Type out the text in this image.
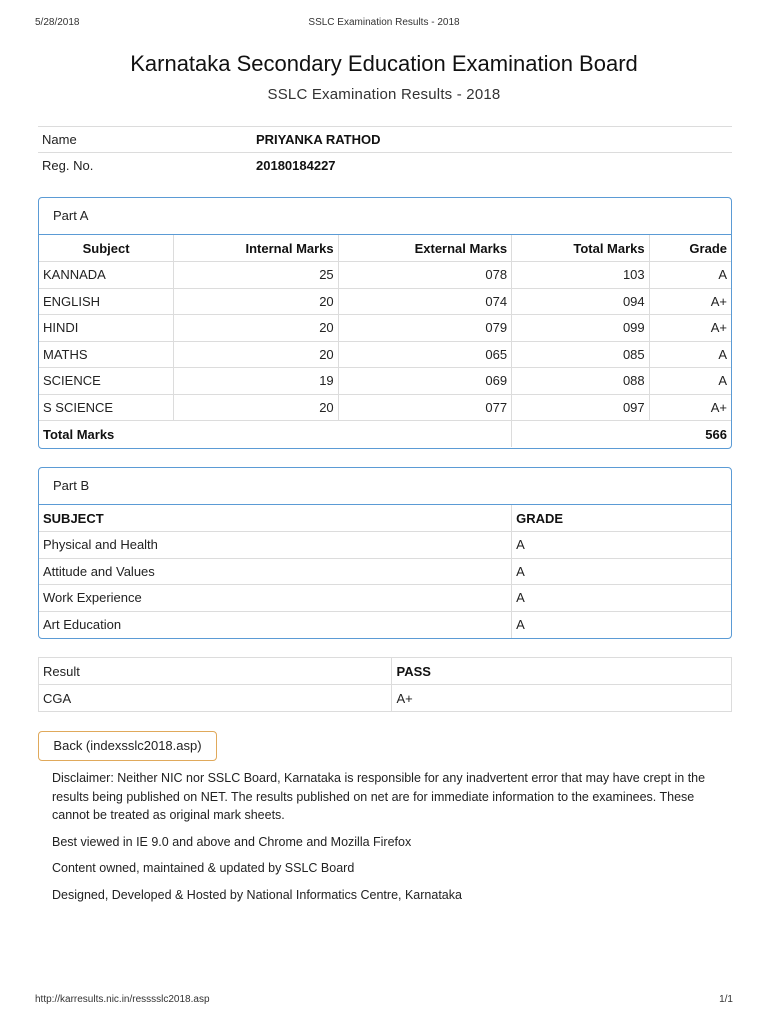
5/28/2018	SSLC Examination Results - 2018
Karnataka Secondary Education Examination Board
SSLC Examination Results - 2018
Name	PRIYANKA RATHOD
Reg. No.	20180184227
Part A
Subject	Internal Marks	External Marks	Total Marks	Grade
KANNADA	25	078	103	A
ENGLISH	20	074	094	A+
HINDI	20	079	099	A+
MATHS	20	065	085	A
SCIENCE	19	069	088	A
S SCIENCE	20	077	097	A+
Total Marks			566	
Part B
SUBJECT	GRADE
Physical and Health	A
Attitude and Values	A
Work Experience	A
Art Education	A
Result	PASS
CGA	A+
Back (indexsslc2018.asp)

Disclaimer: Neither NIC nor SSLC Board, Karnataka is responsible for any inadvertent error that may have crept in the results being published on NET. The results published on net are for immediate information to the examinees. These cannot be treated as original mark sheets.

Best viewed in IE 9.0 and above and Chrome and Mozilla Firefox

Content owned, maintained & updated by SSLC Board

Designed, Developed & Hosted by National Informatics Centre, Karnataka

http://karresults.nic.in/resssslc2018.asp	1/1
